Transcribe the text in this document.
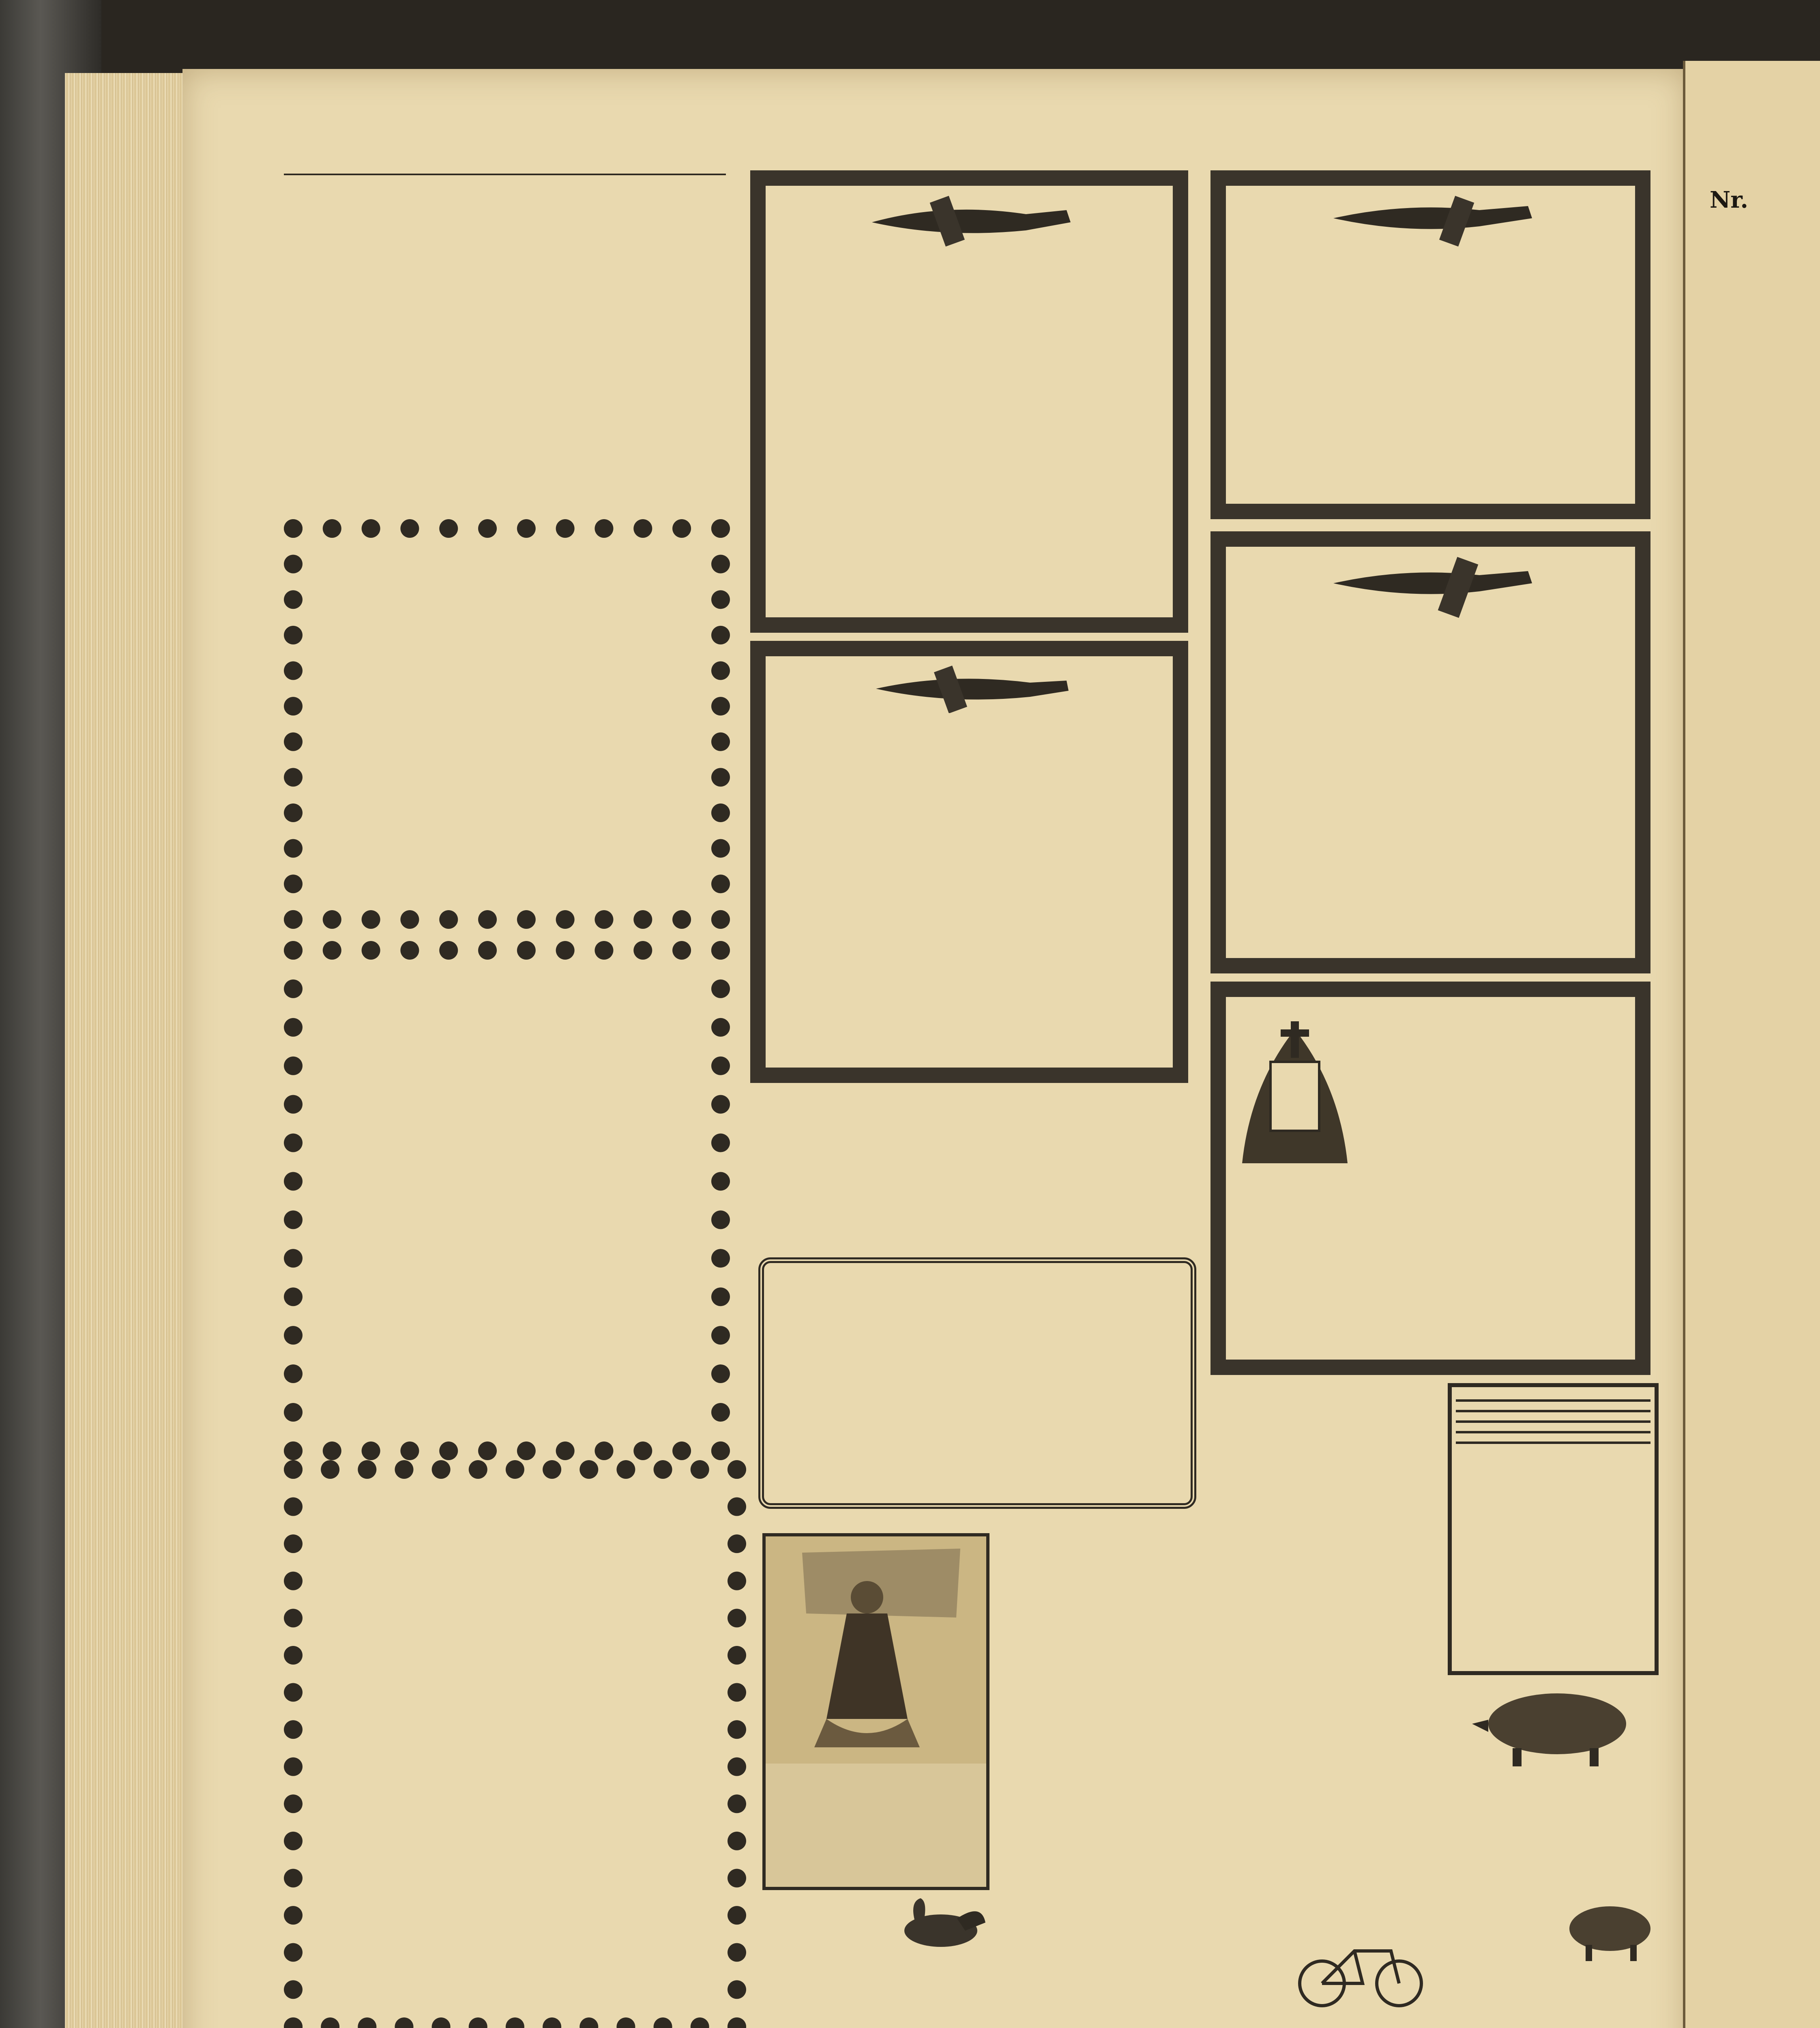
Nr.
